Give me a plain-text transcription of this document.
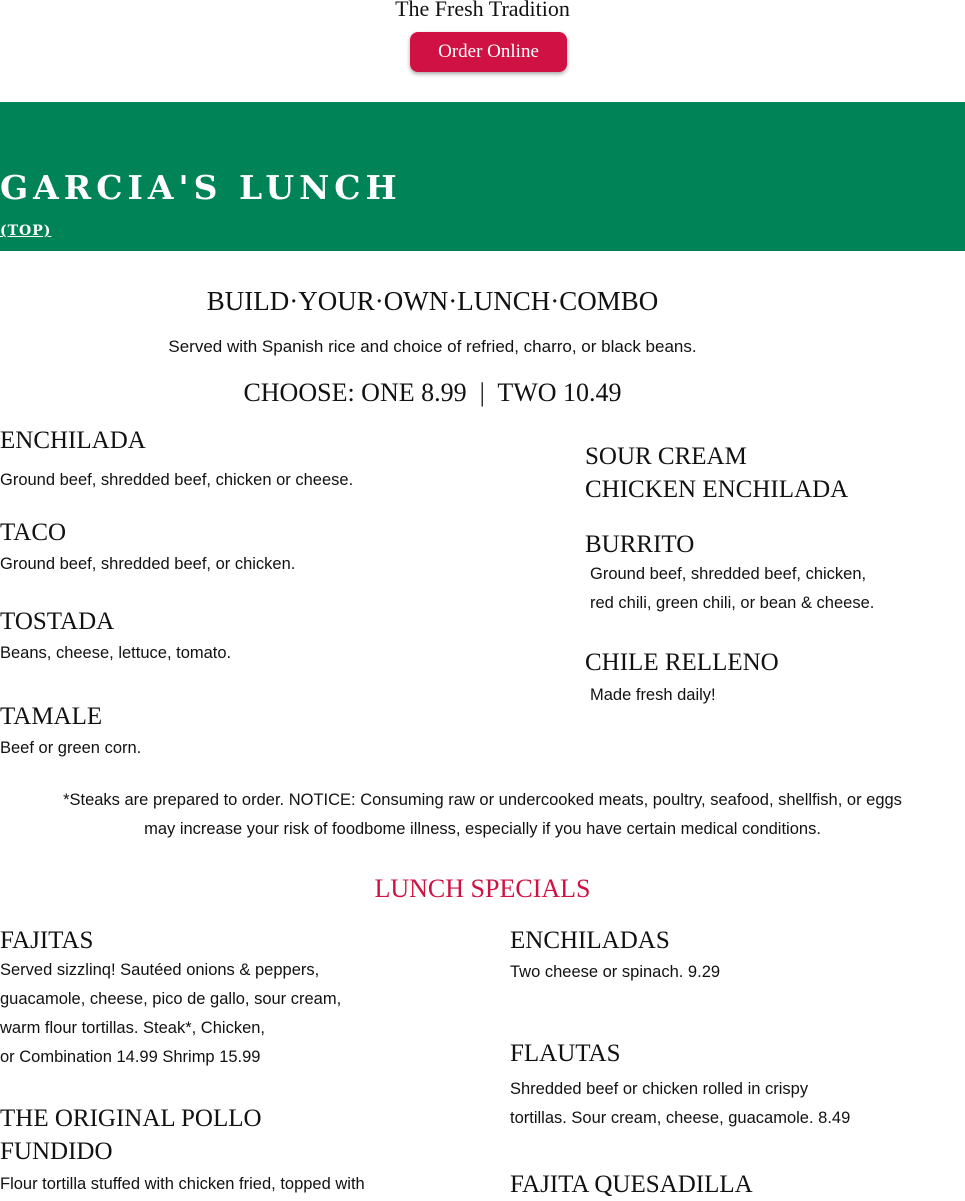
The Fresh Tradition
Order Online
GARCIA'S LUNCH
(TOP)
BUILD·YOUR·OWN·LUNCH·COMBO
Served with Spanish rice and choice of refried, charro, or black beans.
CHOOSE: ONE 8.99  |  TWO 10.49
ENCHILADA
Ground beef, shredded beef, chicken or cheese.
TACO
Ground beef, shredded beef, or chicken.
TOSTADA
Beans, cheese, lettuce, tomato.
TAMALE
Beef or green corn.
SOUR CREAM
CHICKEN ENCHILADA
BURRITO
Ground beef, shredded beef, chicken,
red chili, green chili, or bean & cheese.
CHILE RELLENO
Made fresh daily!
*Steaks are prepared to order. NOTICE: Consuming raw or undercooked meats, poultry, seafood, shellfish, or eggs
may increase your risk of foodbome illness, especially if you have certain medical conditions.
LUNCH SPECIALS
FAJITAS
Served sizzlinq! Sautéed onions & peppers,
guacamole, cheese, pico de gallo, sour cream,
warm flour tortillas. Steak*, Chicken,
or Combination 14.99 Shrimp 15.99
THE ORIGINAL POLLO
FUNDIDO
Flour tortilla stuffed with chicken fried, topped with
ENCHILADAS
Two cheese or spinach. 9.29
FLAUTAS
Shredded beef or chicken rolled in crispy
tortillas. Sour cream, cheese, guacamole. 8.49
FAJITA QUESADILLA
